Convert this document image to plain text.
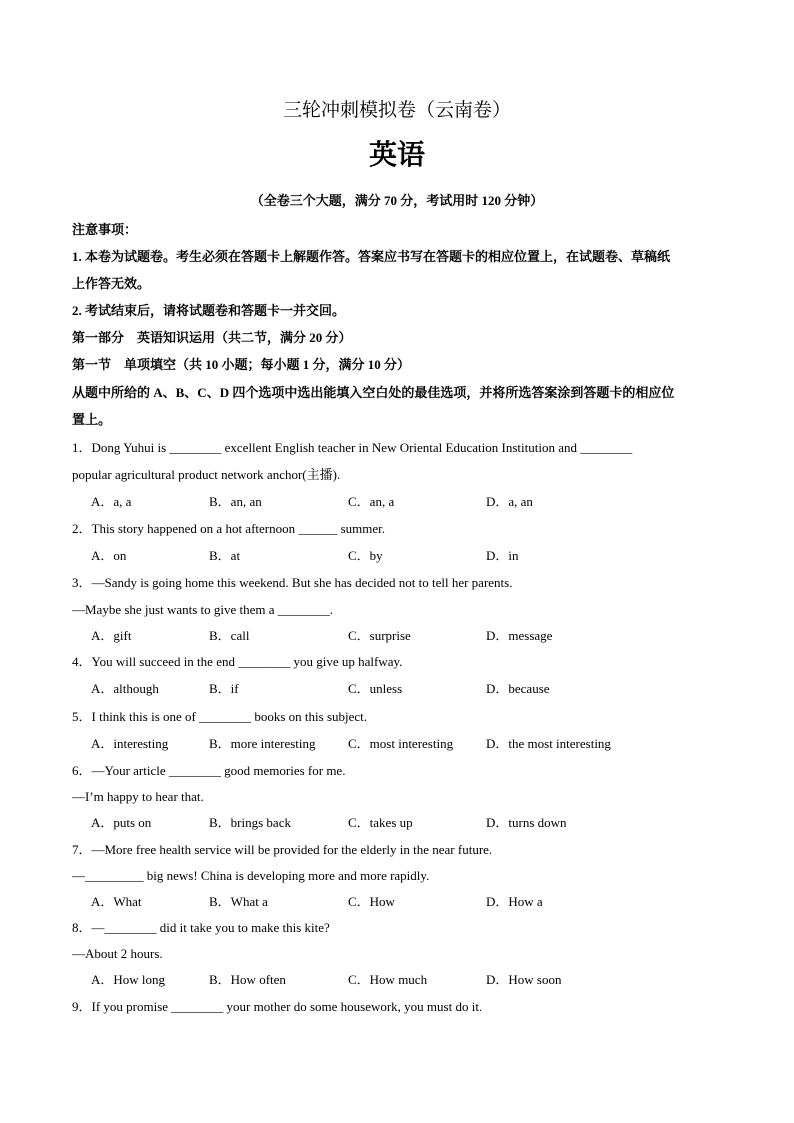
三轮冲刺模拟卷（云南卷）
英语
（全卷三个大题，满分 70 分，考试用时 120 分钟）
注意事项：
1. 本卷为试题卷。考生必须在答题卡上解题作答。答案应书写在答题卡的相应位置上，在试题卷、草稿纸
上作答无效。
2. 考试结束后，请将试题卷和答题卡一并交回。
第一部分　英语知识运用（共二节，满分 20 分）
第一节　单项填空（共 10 小题；每小题 1 分，满分 10 分）
从题中所给的 A、B、C、D 四个选项中选出能填入空白处的最佳选项，并将所选答案涂到答题卡的相应位
置上。
1．Dong Yuhui is ________ excellent English teacher in New Oriental Education Institution and ________
popular agricultural product network anchor(主播).
A．a, a	B．an, an	C．an, a	D．a, an
2．This story happened on a hot afternoon ______ summer.
A．on	B．at	C．by	D．in
3．—Sandy is going home this weekend. But she has decided not to tell her parents.
—Maybe she just wants to give them a ________.
A．gift	B．call	C．surprise	D．message
4．You will succeed in the end ________ you give up halfway.
A．although	B．if	C．unless	D．because
5．I think this is one of ________ books on this subject.
A．interesting	B．more interesting C．most interesting	D．the most interesting
6．—Your article ________ good memories for me.
—I’m happy to hear that.
A．puts on	B．brings back	C．takes up	D．turns down
7．—More free health service will be provided for the elderly in the near future.
—_________ big news! China is developing more and more rapidly.
A．What	B．What a	C．How	D．How a
8．—________ did it take you to make this kite?
—About 2 hours.
A．How long	B．How often	C．How much	D．How soon
9．If you promise ________ your mother do some housework, you must do it.
